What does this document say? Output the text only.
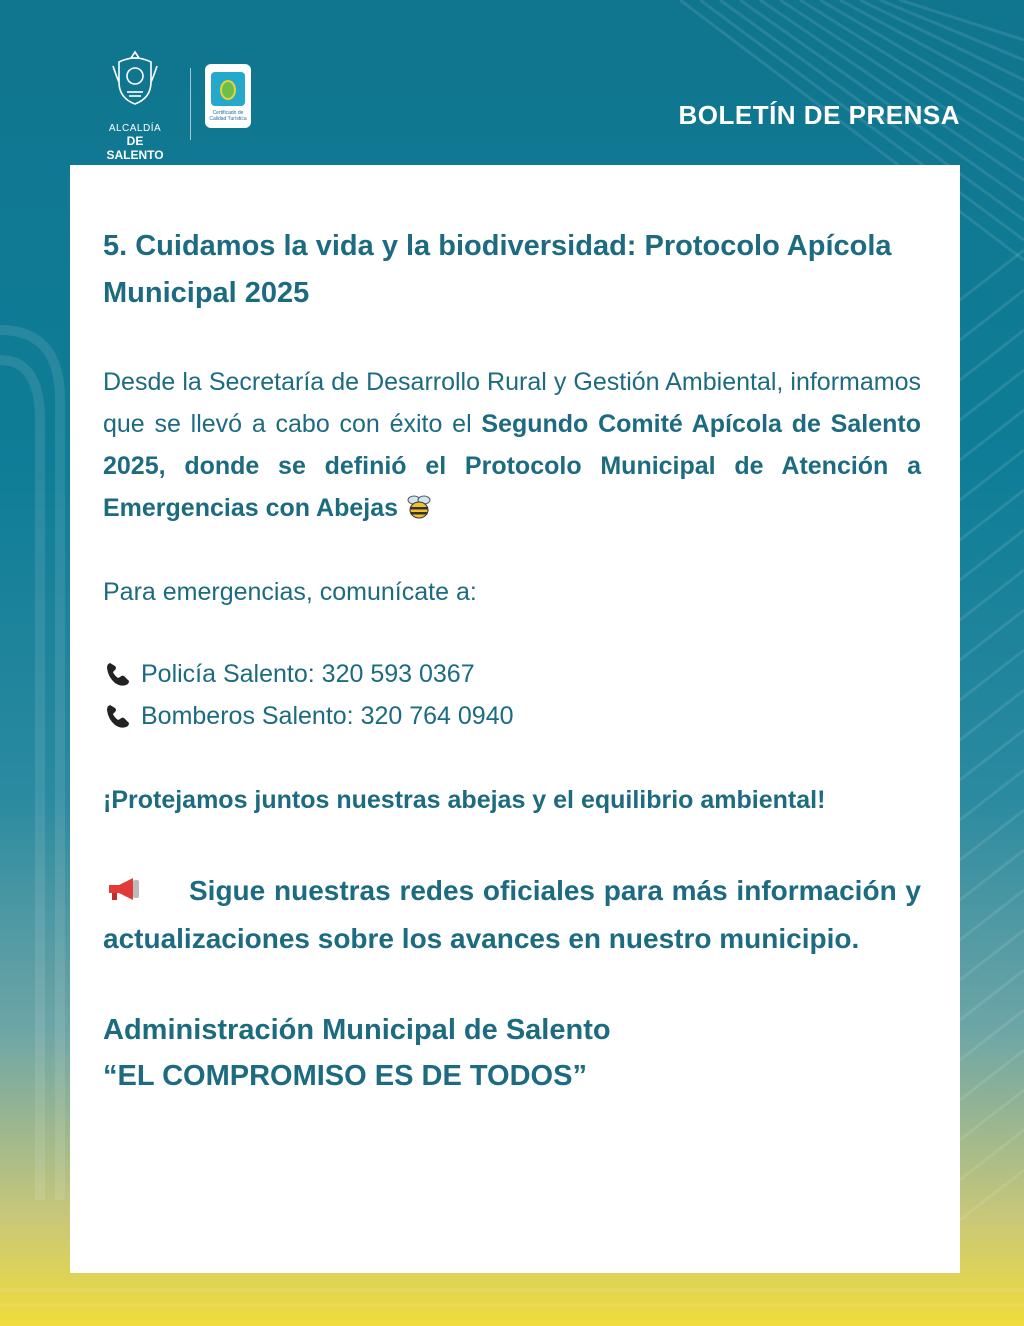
ALCALDÍA
DE SALENTO
Certificado de Calidad Turística	BOLETÍN DE PRENSA
5. Cuidamos la vida y la biodiversidad: Protocolo Apícola Municipal 2025

Desde la Secretaría de Desarrollo Rural y Gestión Ambiental, informamos que se llevó a cabo con éxito el Segundo Comité Apícola de Salento 2025, donde se definió el Protocolo Municipal de Atención a Emergencias con Abejas

Para emergencias, comunícate a:

Policía Salento: 320 593 0367
Bomberos Salento: 320 764 0940

¡Protejamos juntos nuestras abejas y el equilibrio ambiental!

Sigue nuestras redes oficiales para más información y actualizaciones sobre los avances en nuestro municipio.

Administración Municipal de Salento
“EL COMPROMISO ES DE TODOS”
